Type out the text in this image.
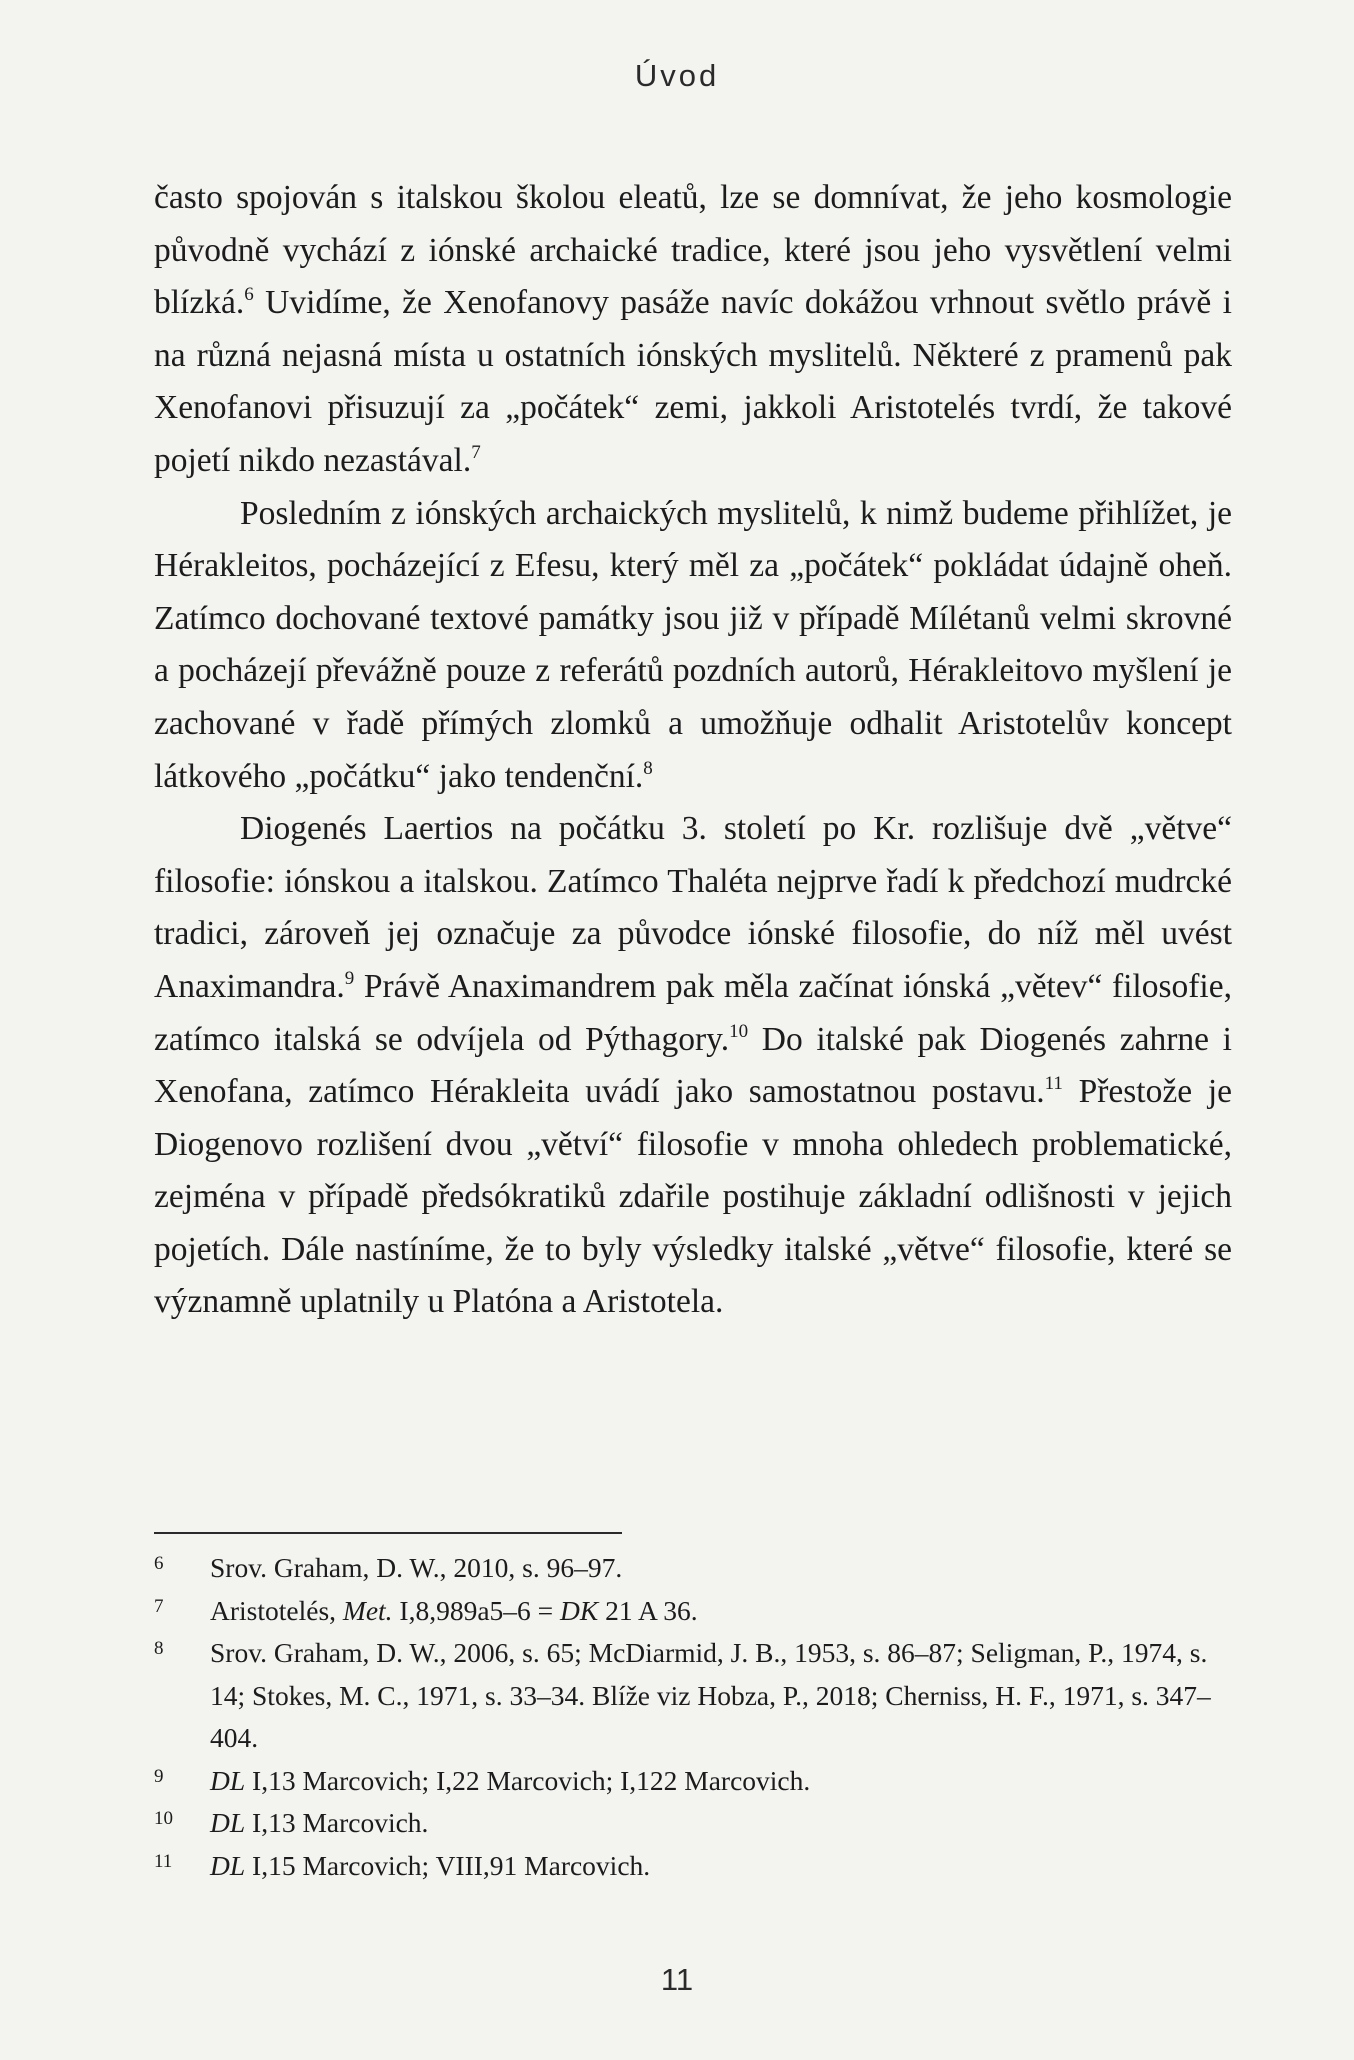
Úvod

často spojován s italskou školou eleatů, lze se domnívat, že jeho kosmologie původně vychází z iónské archaické tradice, které jsou jeho vysvětlení velmi blízká.$^6$ Uvidíme, že Xenofanovy pasáže navíc dokážou vrhnout světlo právě i na různá nejasná místa u ostatních iónských myslitelů. Některé z pramenů pak Xenofanovi přisuzují za „počátek“ zemi, jakkoli Aristotelés tvrdí, že takové pojetí nikdo nezastával.$^7$

Posledním z iónských archaických myslitelů, k nimž budeme přihlížet, je Hérakleitos, pocházející z Efesu, který měl za „počátek“ pokládat údajně oheň. Zatímco dochované textové památky jsou již v případě Mílétanů velmi skrovné a pocházejí převážně pouze z referátů pozdních autorů, Hérakleitovo myšlení je zachované v řadě přímých zlomků a umožňuje odhalit Aristotelův koncept látkového „počátku“ jako tendenční.$^8$

Diogenés Laertios na počátku 3. století po Kr. rozlišuje dvě „větve“ filosofie: iónskou a italskou. Zatímco Thaléta nejprve řadí k předchozí mudrcké tradici, zároveň jej označuje za původce iónské filosofie, do níž měl uvést Anaximandra.$^9$ Právě Anaximandrem pak měla začínat iónská „větev“ filosofie, zatímco italská se odvíjela od Pýthagory.$^{10}$ Do italské pak Diogenés zahrne i Xenofana, zatímco Hérakleita uvádí jako samostatnou postavu.$^{11}$ Přestože je Diogenovo rozlišení dvou „větví“ filosofie v mnoha ohledech problematické, zejména v případě předsókratiků zdařile postihuje základní odlišnosti v jejich pojetích. Dále nastíníme, že to byly výsledky italské „větve“ filosofie, které se významně uplatnily u Platóna a Aristotela.

6	Srov. Graham, D. W., 2010, s. 96–97.
7	Aristotelés, Met. I,8,989a5–6 = DK 21 A 36.
8	Srov. Graham, D. W., 2006, s. 65; McDiarmid, J. B., 1953, s. 86–87; Seligman, P., 1974, s. 14; Stokes, M. C., 1971, s. 33–34. Blíže viz Hobza, P., 2018; Cherniss, H. F., 1971, s. 347–404.
9	DL I,13 Marcovich; I,22 Marcovich; I,122 Marcovich.
10	DL I,13 Marcovich.
11	DL I,15 Marcovich; VIII,91 Marcovich.
11
